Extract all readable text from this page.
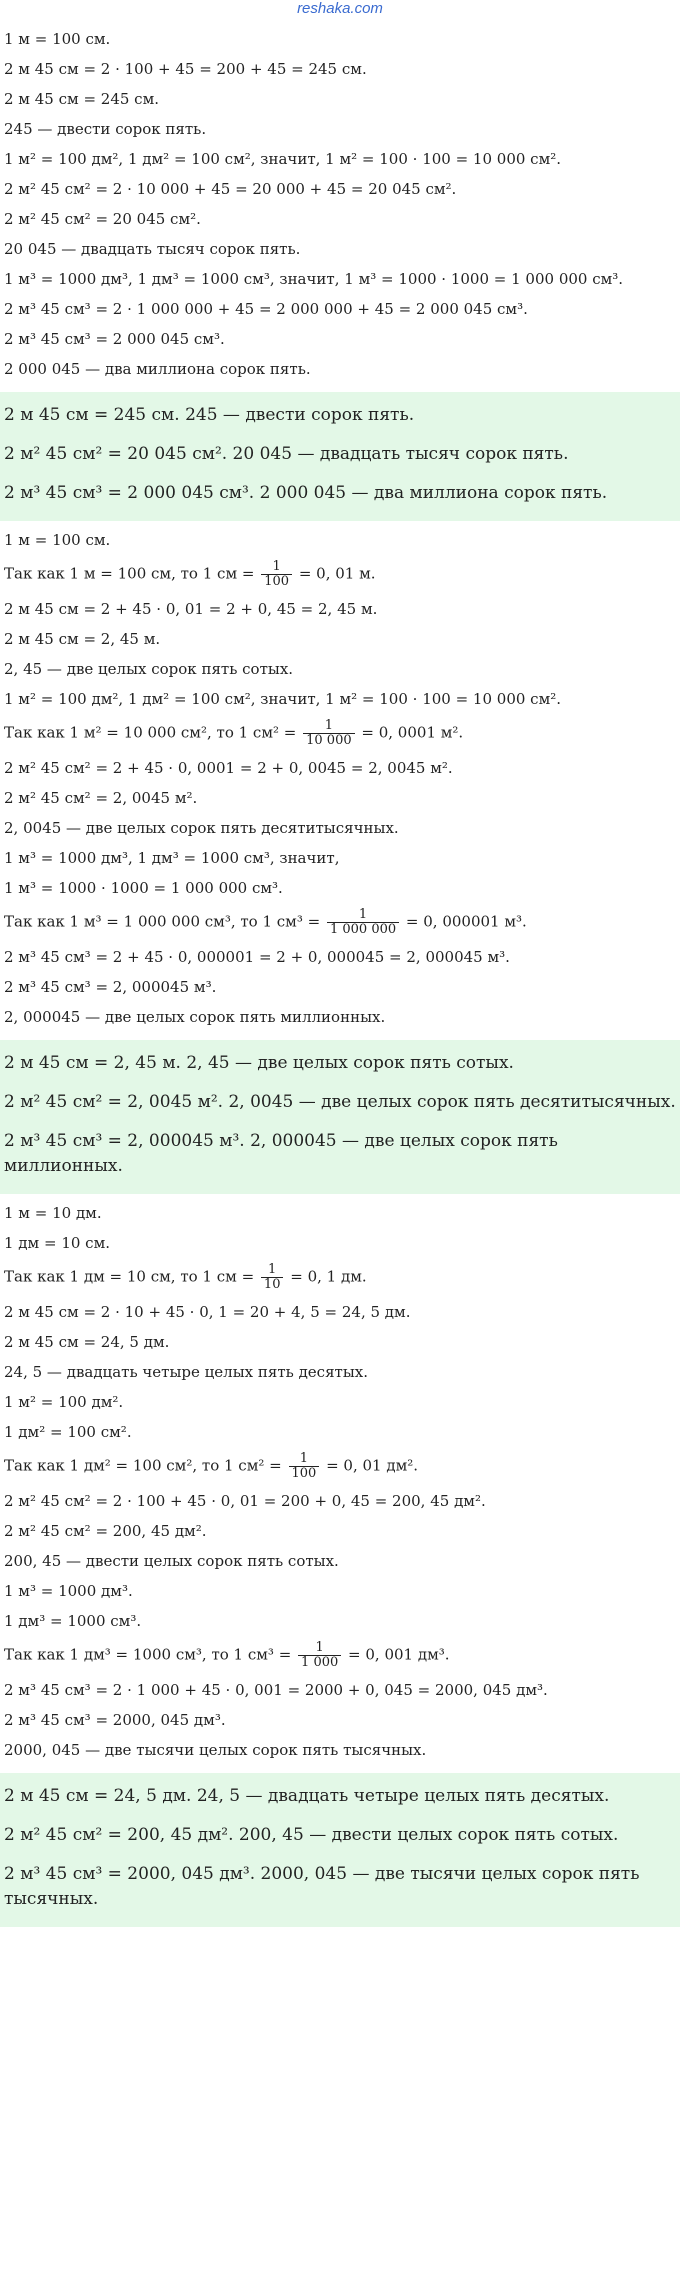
reshaka.com
1 м = 100 см.
2 м 45 см = 2 · 100 + 45 = 200 + 45 = 245 см.
2 м 45 см = 245 см.
245 — двести сорок пять.
1 м² = 100 дм², 1 дм² = 100 см², значит, 1 м² = 100 · 100 = 10 000 см².
2 м² 45 см² = 2 · 10 000 + 45 = 20 000 + 45 = 20 045 см².
2 м² 45 см² = 20 045 см².
20 045 — двадцать тысяч сорок пять.
1 м³ = 1000 дм³, 1 дм³ = 1000 см³, значит, 1 м³ = 1000 · 1000 = 1 000 000 см³.
2 м³ 45 см³ = 2 · 1 000 000 + 45 = 2 000 000 + 45 = 2 000 045 см³.
2 м³ 45 см³ = 2 000 045 см³.
2 000 045 — два миллиона сорок пять.
2 м 45 см = 245 см. 245 — двести сорок пять.
2 м² 45 см² = 20 045 см². 20 045 — двадцать тысяч сорок пять.
2 м³ 45 см³ = 2 000 045 см³. 2 000 045 — два миллиона сорок пять.
1 м = 100 см.
Так как 1 м = 100 см, то 1 см = $\frac{1}{100} = 0$, 01 м.
2 м 45 см = 2 + 45 · 0, 01 = 2 + 0, 45 = 2, 45 м.
2 м 45 см = 2, 45 м.
2, 45 — две целых сорок пять сотых.
1 м² = 100 дм², 1 дм² = 100 см², значит, 1 м² = 100 · 100 = 10 000 см².
Так как 1 м² = 10 000 см², то 1 $см^2 = \frac{1}{10 000} = 0$, 0001 м².
2 м² 45 см² = 2 + 45 · 0, 0001 = 2 + 0, 0045 = 2, 0045 м².
2 м² 45 см² = 2, 0045 м².
2, 0045 — две целых сорок пять десятитысячных.
1 м³ = 1000 дм³, 1 дм³ = 1000 см³, значит,
1 м³ = 1000 · 1000 = 1 000 000 см³.
Так как 1 м³ = 1 000 000 см³, то 1 $см^3 = \frac{1}{1 000 000} = 0$, 000001 м³.
2 м³ 45 см³ = 2 + 45 · 0, 000001 = 2 + 0, 000045 = 2, 000045 м³.
2 м³ 45 см³ = 2, 000045 м³.
2, 000045 — две целых сорок пять миллионных.
2 м 45 см = 2, 45 м. 2, 45 — две целых сорок пять сотых.
2 м² 45 см² = 2, 0045 м². 2, 0045 — две целых сорок пять десятитысячных.
2 м³ 45 см³ = 2, 000045 м³. 2, 000045 — две целых сорок пять миллионных.
1 м = 10 дм.
1 дм = 10 см.
Так как 1 дм = 10 см, то 1 см = $\frac{1}{10} = 0$, 1 дм.
2 м 45 см = 2 · 10 + 45 · 0, 1 = 20 + 4, 5 = 24, 5 дм.
2 м 45 см = 24, 5 дм.
24, 5 — двадцать четыре целых пять десятых.
1 м² = 100 дм².
1 дм² = 100 см².
Так как 1 дм² = 100 см², то 1 $см^2 = \frac{1}{100} = 0$, 01 дм².
2 м² 45 см² = 2 · 100 + 45 · 0, 01 = 200 + 0, 45 = 200, 45 дм².
2 м² 45 см² = 200, 45 дм².
200, 45 — двести целых сорок пять сотых.
1 м³ = 1000 дм³.
1 дм³ = 1000 см³.
Так как 1 дм³ = 1000 см³, то 1 $см^3 = \frac{1}{1 000} = 0$, 001 дм³.
2 м³ 45 см³ = 2 · 1 000 + 45 · 0, 001 = 2000 + 0, 045 = 2000, 045 дм³.
2 м³ 45 см³ = 2000, 045 дм³.
2000, 045 — две тысячи целых сорок пять тысячных.
2 м 45 см = 24, 5 дм. 24, 5 — двадцать четыре целых пять десятых.
2 м² 45 см² = 200, 45 дм². 200, 45 — двести целых сорок пять сотых.
2 м³ 45 см³ = 2000, 045 дм³. 2000, 045 — две тысячи целых сорок пять тысячных.
